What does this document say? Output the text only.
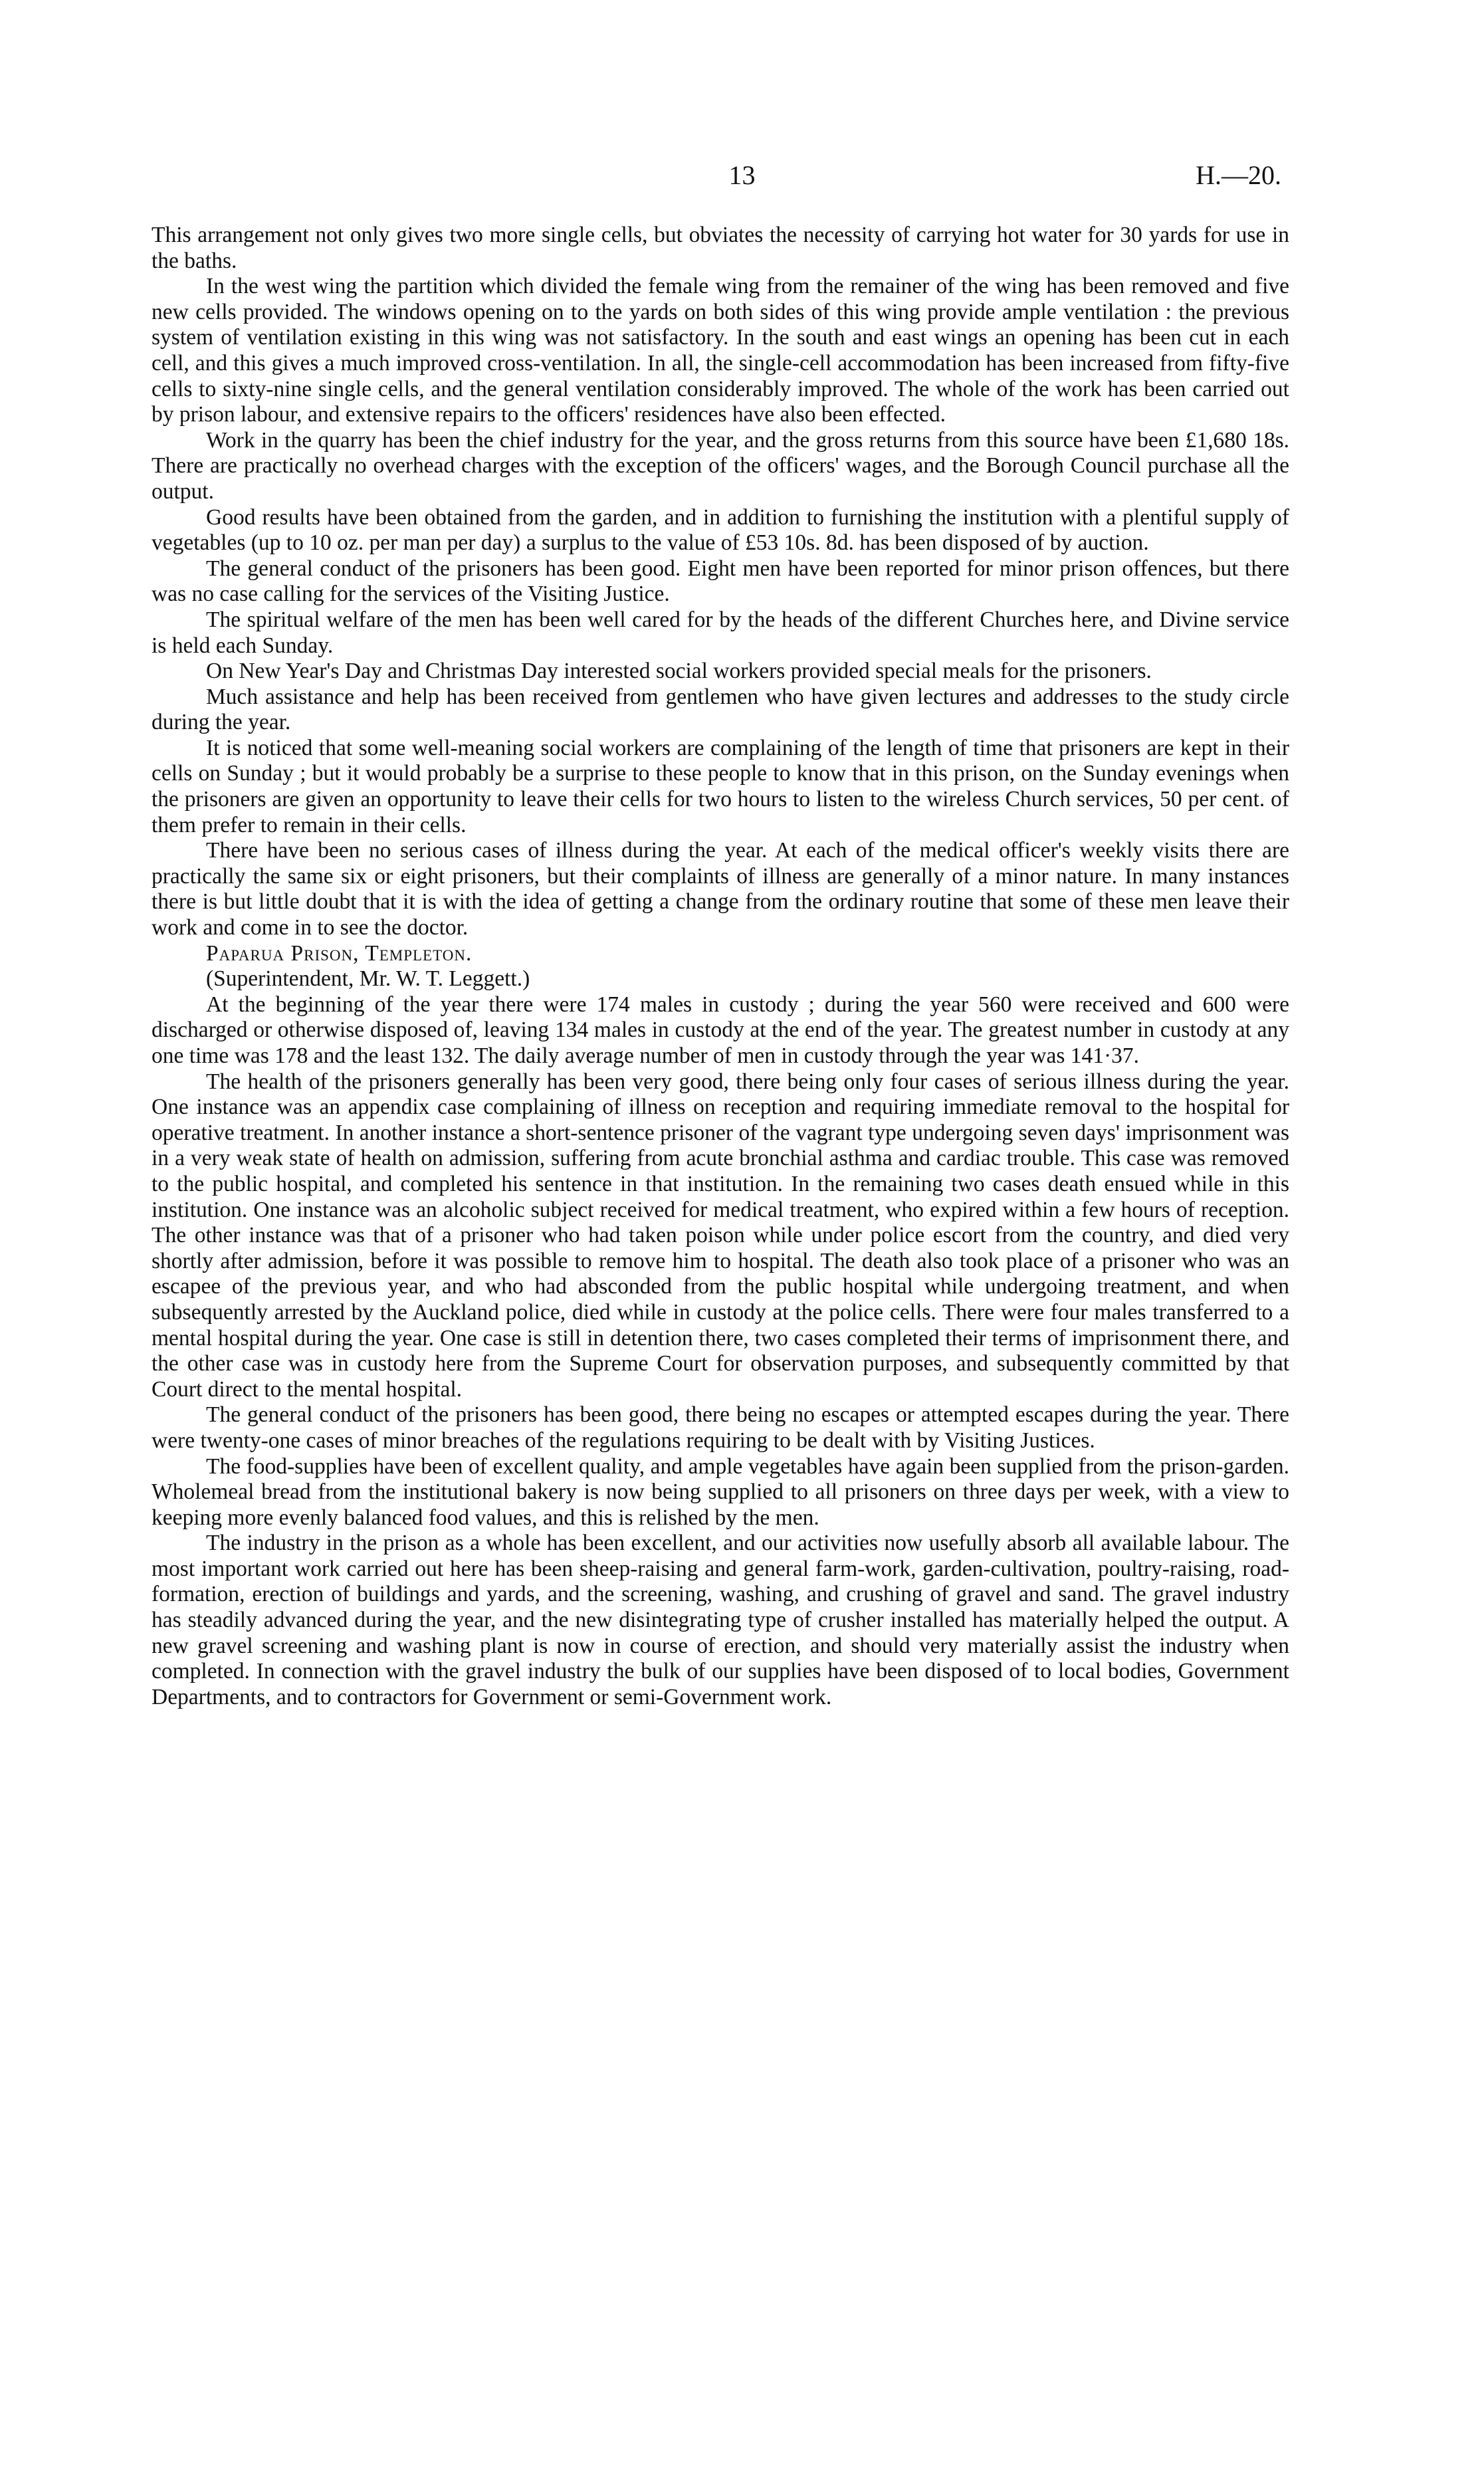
13	H.—20.

This arrangement not only gives two more single cells, but obviates the necessity of carrying hot water for 30 yards for use in the baths.

In the west wing the partition which divided the female wing from the remainer of the wing has been removed and five new cells provided. The windows opening on to the yards on both sides of this wing provide ample ventilation : the previous system of ventilation existing in this wing was not satisfactory. In the south and east wings an opening has been cut in each cell, and this gives a much improved cross-ventilation. In all, the single-cell accommodation has been increased from fifty-five cells to sixty-nine single cells, and the general ventilation considerably improved. The whole of the work has been carried out by prison labour, and extensive repairs to the officers' residences have also been effected.

Work in the quarry has been the chief industry for the year, and the gross returns from this source have been £1,680 18s. There are practically no overhead charges with the exception of the officers' wages, and the Borough Council purchase all the output.

Good results have been obtained from the garden, and in addition to furnishing the institution with a plentiful supply of vegetables (up to 10 oz. per man per day) a surplus to the value of £53 10s. 8d. has been disposed of by auction.

The general conduct of the prisoners has been good. Eight men have been reported for minor prison offences, but there was no case calling for the services of the Visiting Justice.

The spiritual welfare of the men has been well cared for by the heads of the different Churches here, and Divine service is held each Sunday.

On New Year's Day and Christmas Day interested social workers provided special meals for the prisoners.

Much assistance and help has been received from gentlemen who have given lectures and addresses to the study circle during the year.

It is noticed that some well-meaning social workers are complaining of the length of time that prisoners are kept in their cells on Sunday ; but it would probably be a surprise to these people to know that in this prison, on the Sunday evenings when the prisoners are given an opportunity to leave their cells for two hours to listen to the wireless Church services, 50 per cent. of them prefer to remain in their cells.

There have been no serious cases of illness during the year. At each of the medical officer's weekly visits there are practically the same six or eight prisoners, but their complaints of illness are generally of a minor nature. In many instances there is but little doubt that it is with the idea of getting a change from the ordinary routine that some of these men leave their work and come in to see the doctor.

Paparua Prison, Templeton.

(Superintendent, Mr. W. T. Leggett.)

At the beginning of the year there were 174 males in custody ; during the year 560 were received and 600 were discharged or otherwise disposed of, leaving 134 males in custody at the end of the year. The greatest number in custody at any one time was 178 and the least 132. The daily average number of men in custody through the year was 141·37.

The health of the prisoners generally has been very good, there being only four cases of serious illness during the year. One instance was an appendix case complaining of illness on reception and requiring immediate removal to the hospital for operative treatment. In another instance a short-sentence prisoner of the vagrant type undergoing seven days' imprisonment was in a very weak state of health on admission, suffering from acute bronchial asthma and cardiac trouble. This case was removed to the public hospital, and completed his sentence in that institution. In the remaining two cases death ensued while in this institution. One instance was an alcoholic subject received for medical treatment, who expired within a few hours of reception. The other instance was that of a prisoner who had taken poison while under police escort from the country, and died very shortly after admission, before it was possible to remove him to hospital. The death also took place of a prisoner who was an escapee of the previous year, and who had absconded from the public hospital while undergoing treatment, and when subsequently arrested by the Auckland police, died while in custody at the police cells. There were four males transferred to a mental hospital during the year. One case is still in detention there, two cases completed their terms of imprisonment there, and the other case was in custody here from the Supreme Court for observation purposes, and subsequently committed by that Court direct to the mental hospital.

The general conduct of the prisoners has been good, there being no escapes or attempted escapes during the year. There were twenty-one cases of minor breaches of the regulations requiring to be dealt with by Visiting Justices.

The food-supplies have been of excellent quality, and ample vegetables have again been supplied from the prison-garden. Wholemeal bread from the institutional bakery is now being supplied to all prisoners on three days per week, with a view to keeping more evenly balanced food values, and this is relished by the men.

The industry in the prison as a whole has been excellent, and our activities now usefully absorb all available labour. The most important work carried out here has been sheep-raising and general farm-work, garden-cultivation, poultry-raising, road-formation, erection of buildings and yards, and the screening, washing, and crushing of gravel and sand. The gravel industry has steadily advanced during the year, and the new disintegrating type of crusher installed has materially helped the output. A new gravel screening and washing plant is now in course of erection, and should very materially assist the industry when completed. In connection with the gravel industry the bulk of our supplies have been disposed of to local bodies, Government Departments, and to contractors for Government or semi-Government work.
